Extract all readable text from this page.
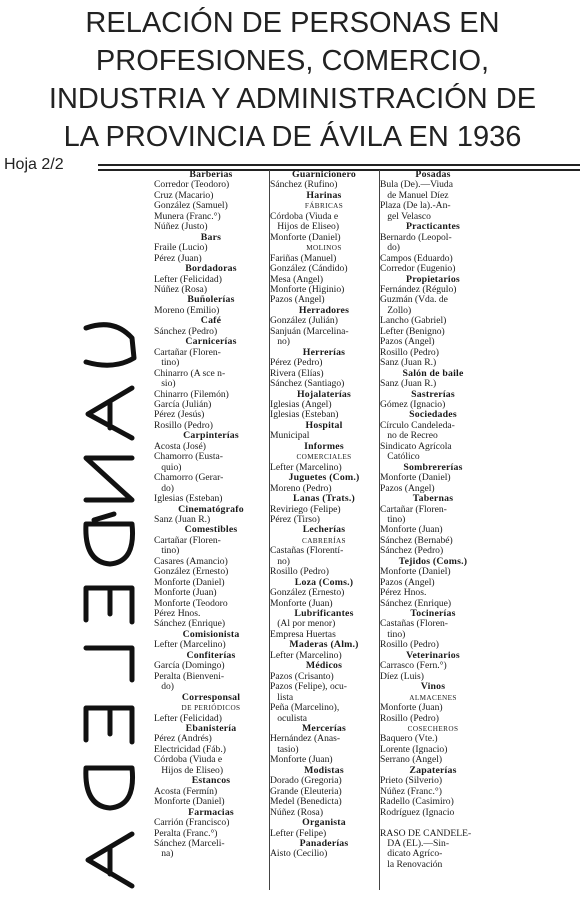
RELACIÓN DE PERSONAS EN
PROFESIONES, COMERCIO,
INDUSTRIA Y ADMINISTRACIÓN DE
LA PROVINCIA DE ÁVILA EN 1936
Hoja 2/2
Barberías
Corredor (Teodoro)
Cruz (Macario)
González (Samuel)
Munera (Franc.°)
Núñez (Justo)
Bars
Fraile (Lucio)
Pérez (Juan)
Bordadoras
Lefter (Felicidad)
Núñez (Rosa)
Buñolerías
Moreno (Emilio)
Café
Sánchez (Pedro)
Carnicerías
Cartañar (Floren-
tino)
Chinarro (A sce n-
sio)
Chinarro (Filemón)
García (Julián)
Pérez (Jesús)
Rosillo (Pedro)
Carpinterías
Acosta (José)
Chamorro (Eusta-
quio)
Chamorro (Gerar-
do)
Iglesias (Esteban)
Cinematógrafo
Sanz (Juan R.)
Comestibles
Cartañar (Floren-
tino)
Casares (Amancio)
González (Ernesto)
Monforte (Daniel)
Monforte (Juan)
Monforte (Teodoro
Pérez Hnos.
Sánchez (Enrique)
Comisionista
Lefter (Marcelino)
Confiterías
García (Domingo)
Peralta (Bienveni-
do)
Corresponsal
DE PERIÓDICOS
Lefter (Felicidad)
Ebanistería
Pérez (Andrés)
Electricidad (Fáb.)
Córdoba (Viuda e
Hijos de Eliseo)
Estancos
Acosta (Fermín)
Monforte (Daniel)
Farmacias
Carrión (Francisco)
Peralta (Franc.°)
Sánchez (Marceli-
na)
Guarnicionero
Sánchez (Rufino)
Harinas
FÁBRICAS
Córdoba (Viuda e
Hijos de Eliseo)
Monforte (Daniel)
MOLINOS
Fariñas (Manuel)
González (Cándido)
Mesa (Angel)
Monforte (Higinio)
Pazos (Angel)
Herradores
González (Julián)
Sanjuán (Marcelina-
no)
Herrerías
Pérez (Pedro)
Rivera (Elías)
Sánchez (Santiago)
Hojalaterías
Iglesias (Angel)
Iglesias (Esteban)
Hospital
Municipal
Informes
COMERCIALES
Lefter (Marcelino)
Juguetes (Com.)
Moreno (Pedro)
Lanas (Trats.)
Reviriego (Felipe)
Pérez (Tirso)
Lecherías
CABRERÍAS
Castañas (Florentí-
no)
Rosillo (Pedro)
Loza (Coms.)
González (Ernesto)
Monforte (Juan)
Lubrificantes
(Al por menor)
Empresa Huertas
Maderas (Alm.)
Lefter (Marcelino)
Médicos
Pazos (Crisanto)
Pazos (Felipe), ocu-
lista
Peña (Marcelino),
oculista
Mercerías
Hernández (Anas-
tasio)
Monforte (Juan)
Modistas
Dorado (Gregoria)
Grande (Eleuteria)
Medel (Benedicta)
Núñez (Rosa)
Organista
Lefter (Felipe)
Panaderías
Aisto (Cecilio)
Posadas
Bula (De).—Viuda
de Manuel Díez
Plaza (De la).-An-
gel Velasco
Practicantes
Bernardo (Leopol-
do)
Campos (Eduardo)
Corredor (Eugenio)
Propietarios
Fernández (Régulo)
Guzmán (Vda. de
Zollo)
Lancho (Gabriel)
Lefter (Benigno)
Pazos (Angel)
Rosillo (Pedro)
Sanz (Juan R.)
Salón de baile
Sanz (Juan R.)
Sastrerías
Gómez (Ignacio)
Sociedades
Círculo Candeleda-
no de Recreo
Sindicato Agrícola
Católico
Sombrererías
Monforte (Daniel)
Pazos (Angel)
Tabernas
Cartañar (Floren-
tino)
Monforte (Juan)
Sánchez (Bernabé)
Sánchez (Pedro)
Tejidos (Coms.)
Monforte (Daniel)
Pazos (Angel)
Pérez Hnos.
Sánchez (Enrique)
Tocinerías
Castañas (Floren-
tino)
Rosillo (Pedro)
Veterinarios
Carrasco (Fern.°)
Díez (Luis)
Vinos
ALMACENES
Monforte (Juan)
Rosillo (Pedro)
COSECHEROS
Baquero (Vte.)
Lorente (Ignacio)
Serrano (Angel)
Zapaterías
Prieto (Silverio)
Núñez (Franc.°)
Radello (Casimiro)
Rodríguez (Ignacio

RASO DE CANDELE-
DA (EL).—Sin-
dicato Agríco-
la Renovación
